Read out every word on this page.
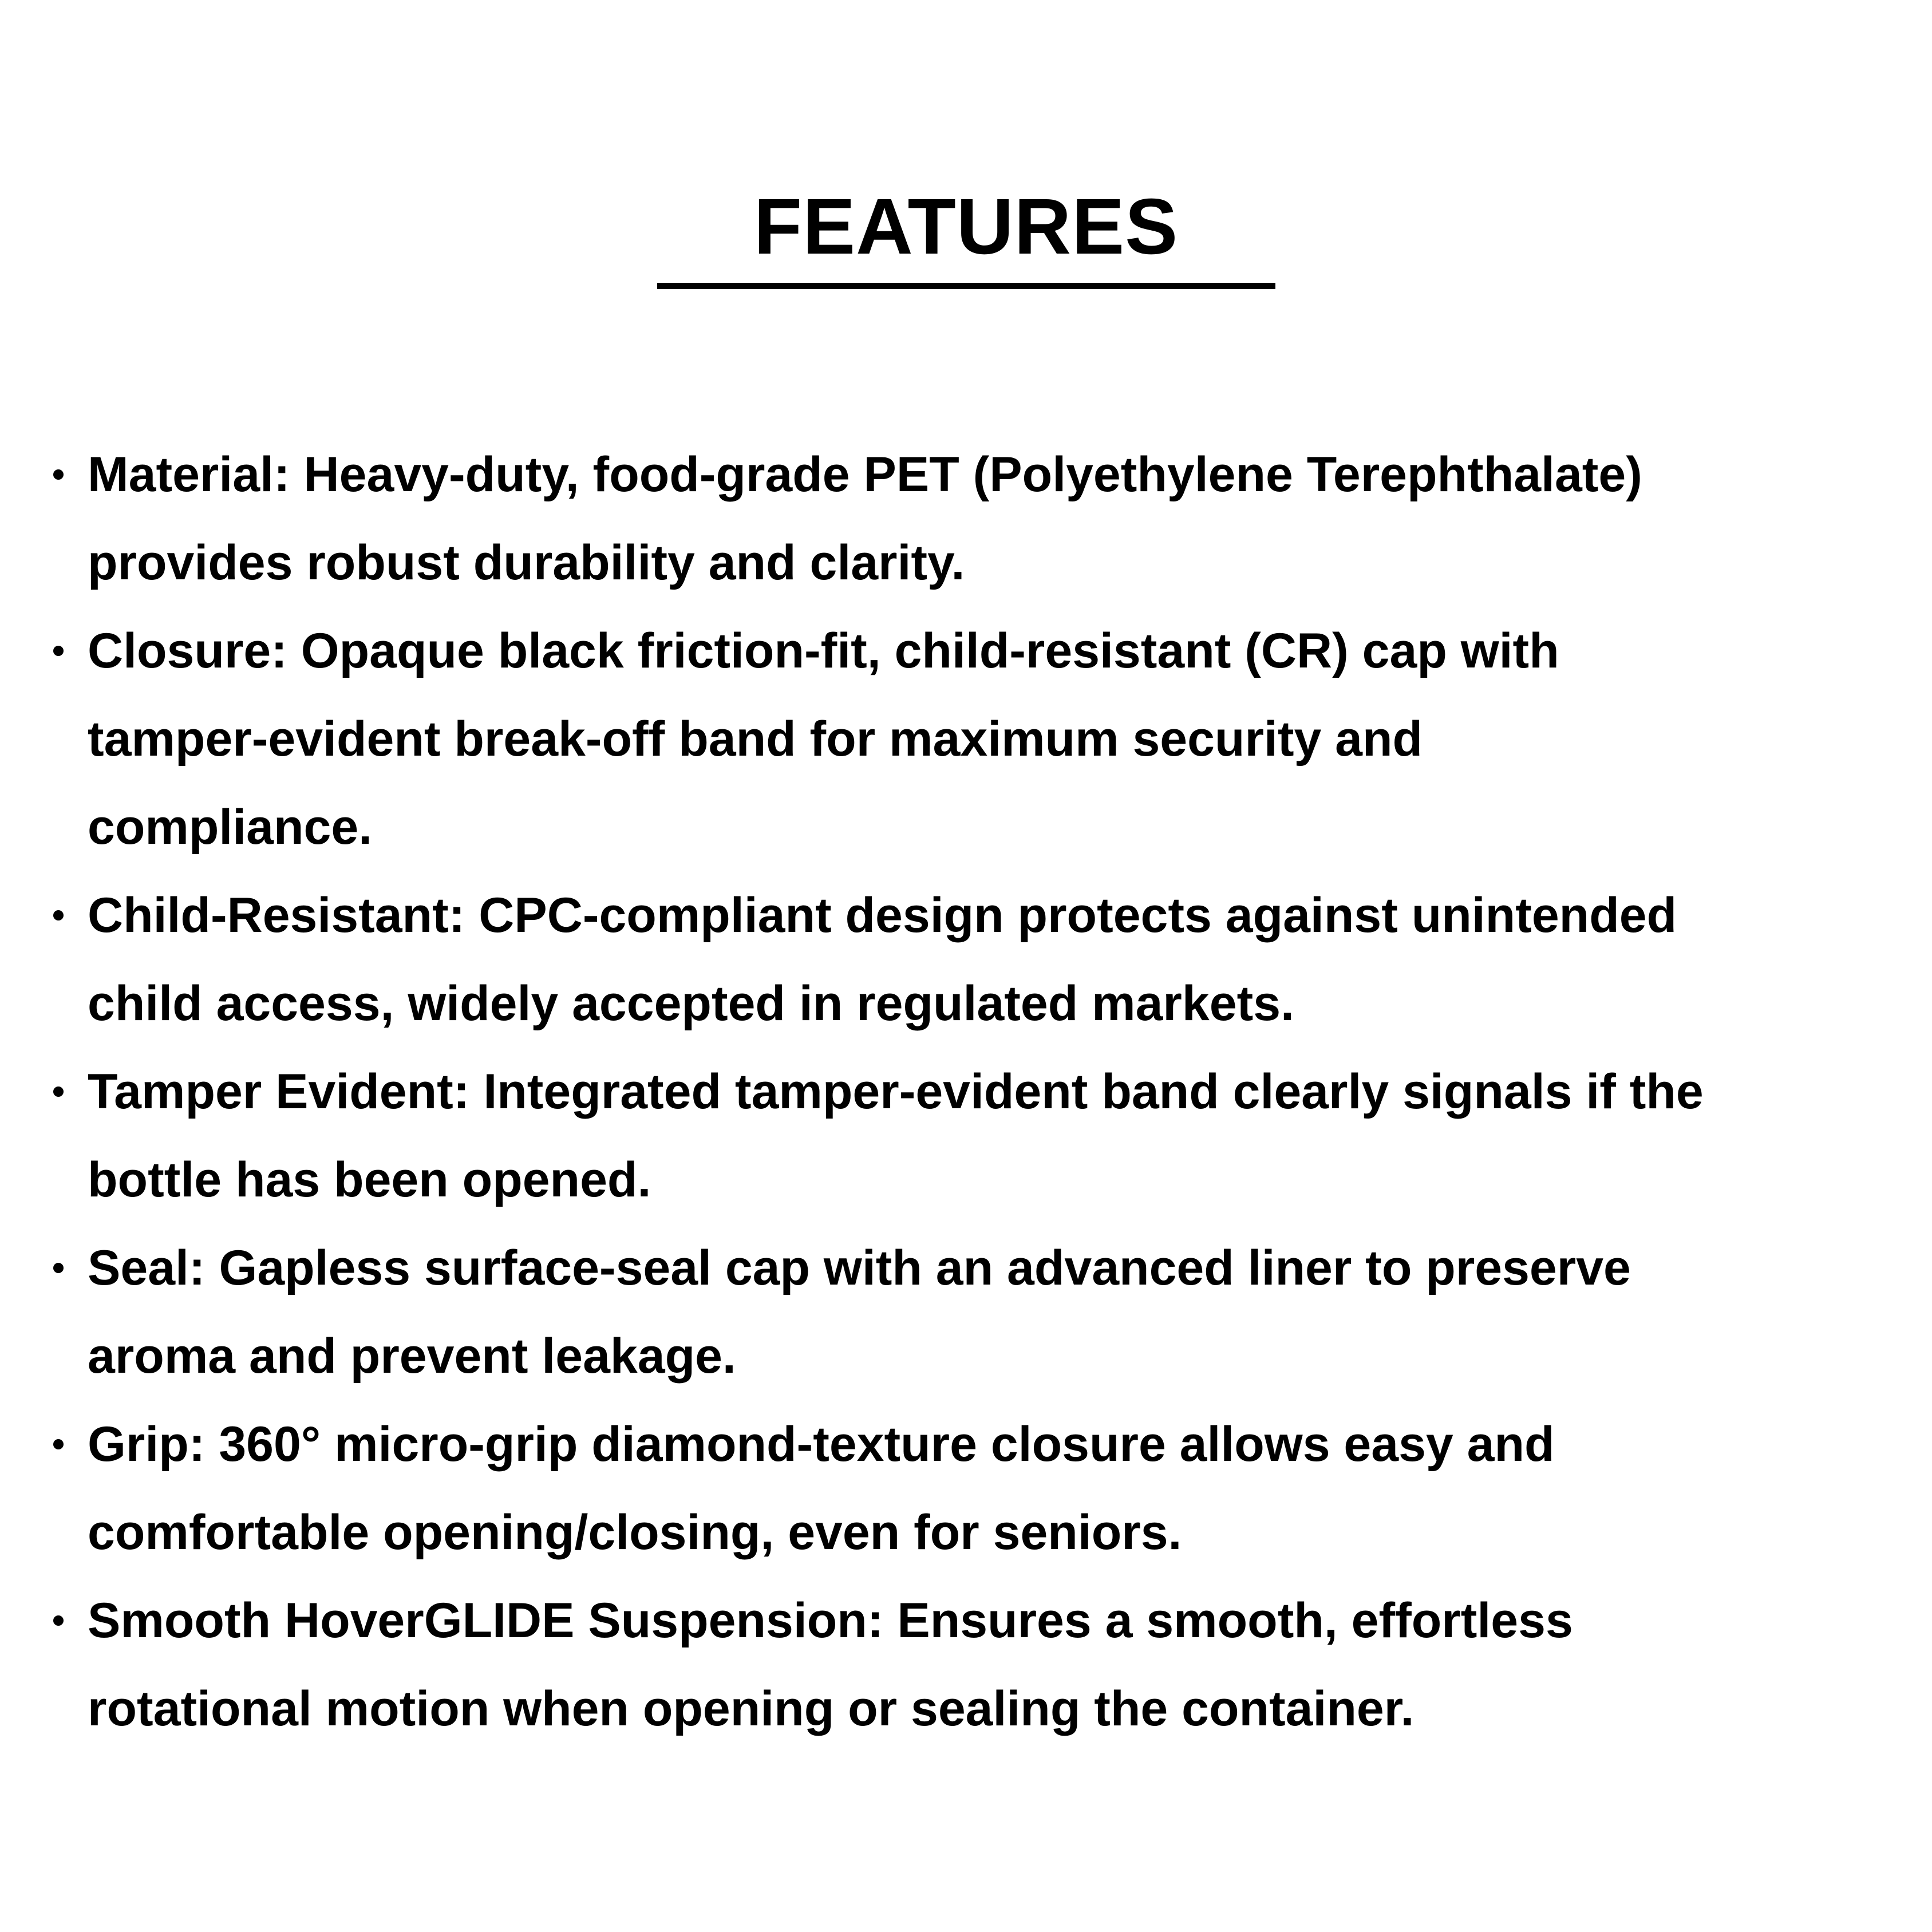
FEATURES
Material: Heavy-duty, food-grade PET (Polyethylene Terephthalate)
provides robust durability and clarity.
Closure: Opaque black friction-fit, child-resistant (CR) cap with
tamper-evident break-off band for maximum security and
compliance.
Child-Resistant: CPC-compliant design protects against unintended
child access, widely accepted in regulated markets.
Tamper Evident: Integrated tamper-evident band clearly signals if the
bottle has been opened.
Seal: Gapless surface-seal cap with an advanced liner to preserve
aroma and prevent leakage.
Grip: 360° micro-grip diamond-texture closure allows easy and
comfortable opening/closing, even for seniors.
Smooth HoverGLIDE Suspension: Ensures a smooth, effortless
rotational motion when opening or sealing the container.
